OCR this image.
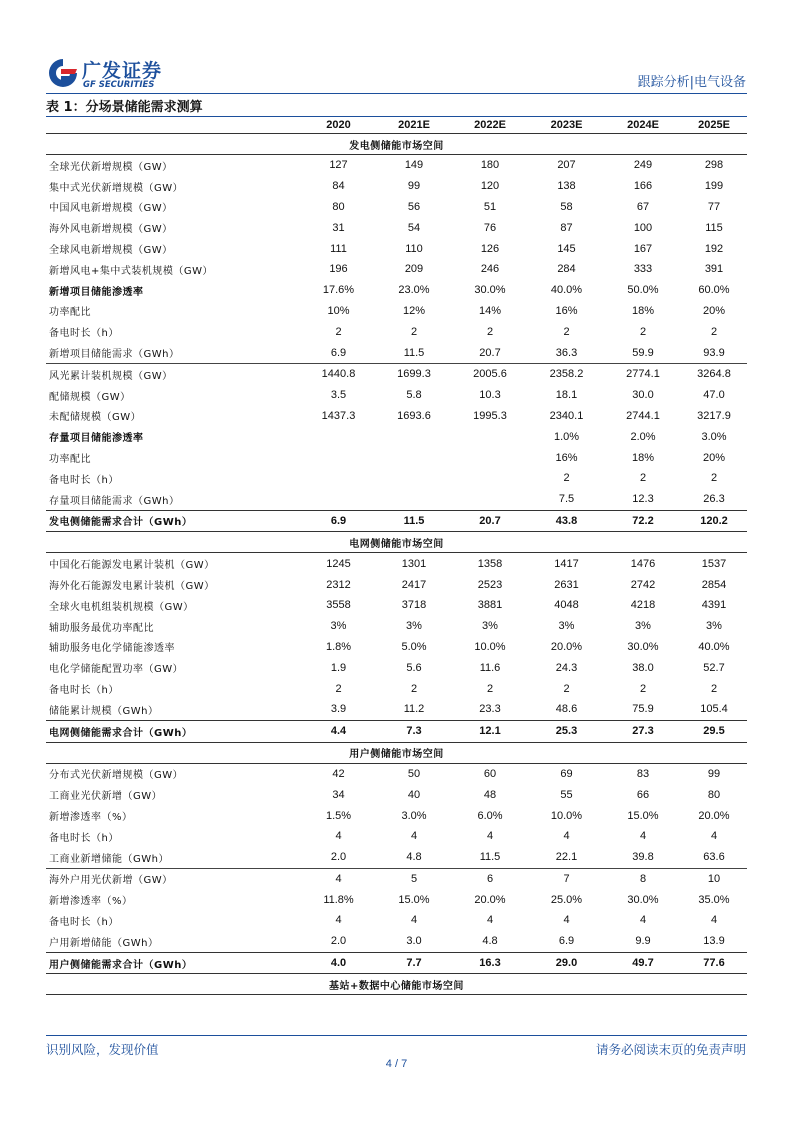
广发证券
GF SECURITIES	跟踪分析|电气设备
表 1：分场景储能需求测算
	2020	2021E	2022E	2023E	2024E	2025E
发电侧储能市场空间						
全球光伏新增规模（GW）	127	149	180	207	249	298
集中式光伏新增规模（GW）	84	99	120	138	166	199
中国风电新增规模（GW）	80	56	51	58	67	77
海外风电新增规模（GW）	31	54	76	87	100	115
全球风电新增规模（GW）	111	110	126	145	167	192
新增风电+集中式装机规模（GW）	196	209	246	284	333	391
新增项目储能渗透率	17.6%	23.0%	30.0%	40.0%	50.0%	60.0%
功率配比	10%	12%	14%	16%	18%	20%
备电时长（h）	2	2	2	2	2	2
新增项目储能需求（GWh）	6.9	11.5	20.7	36.3	59.9	93.9
风光累计装机规模（GW）	1440.8	1699.3	2005.6	2358.2	2774.1	3264.8
配储规模（GW）	3.5	5.8	10.3	18.1	30.0	47.0
未配储规模（GW）	1437.3	1693.6	1995.3	2340.1	2744.1	3217.9
存量项目储能渗透率				1.0%	2.0%	3.0%
功率配比				16%	18%	20%
备电时长（h）				2	2	2
存量项目储能需求（GWh）				7.5	12.3	26.3
发电侧储能需求合计（GWh）	6.9	11.5	20.7	43.8	72.2	120.2
电网侧储能市场空间						
中国化石能源发电累计装机（GW）	1245	1301	1358	1417	1476	1537
海外化石能源发电累计装机（GW）	2312	2417	2523	2631	2742	2854
全球火电机组装机规模（GW）	3558	3718	3881	4048	4218	4391
辅助服务最优功率配比	3%	3%	3%	3%	3%	3%
辅助服务电化学储能渗透率	1.8%	5.0%	10.0%	20.0%	30.0%	40.0%
电化学储能配置功率（GW）	1.9	5.6	11.6	24.3	38.0	52.7
备电时长（h）	2	2	2	2	2	2
储能累计规模（GWh）	3.9	11.2	23.3	48.6	75.9	105.4
电网侧储能需求合计（GWh）	4.4	7.3	12.1	25.3	27.3	29.5
用户侧储能市场空间						
分布式光伏新增规模（GW）	42	50	60	69	83	99
工商业光伏新增（GW）	34	40	48	55	66	80
新增渗透率（%）	1.5%	3.0%	6.0%	10.0%	15.0%	20.0%
备电时长（h）	4	4	4	4	4	4
工商业新增储能（GWh）	2.0	4.8	11.5	22.1	39.8	63.6
海外户用光伏新增（GW）	4	5	6	7	8	10
新增渗透率（%）	11.8%	15.0%	20.0%	25.0%	30.0%	35.0%
备电时长（h）	4	4	4	4	4	4
户用新增储能（GWh）	2.0	3.0	4.8	6.9	9.9	13.9
用户侧储能需求合计（GWh）	4.0	7.7	16.3	29.0	49.7	77.6
基站+数据中心储能市场空间						
识别风险，发现价值	请务必阅读末页的免责声明
4 / 7
